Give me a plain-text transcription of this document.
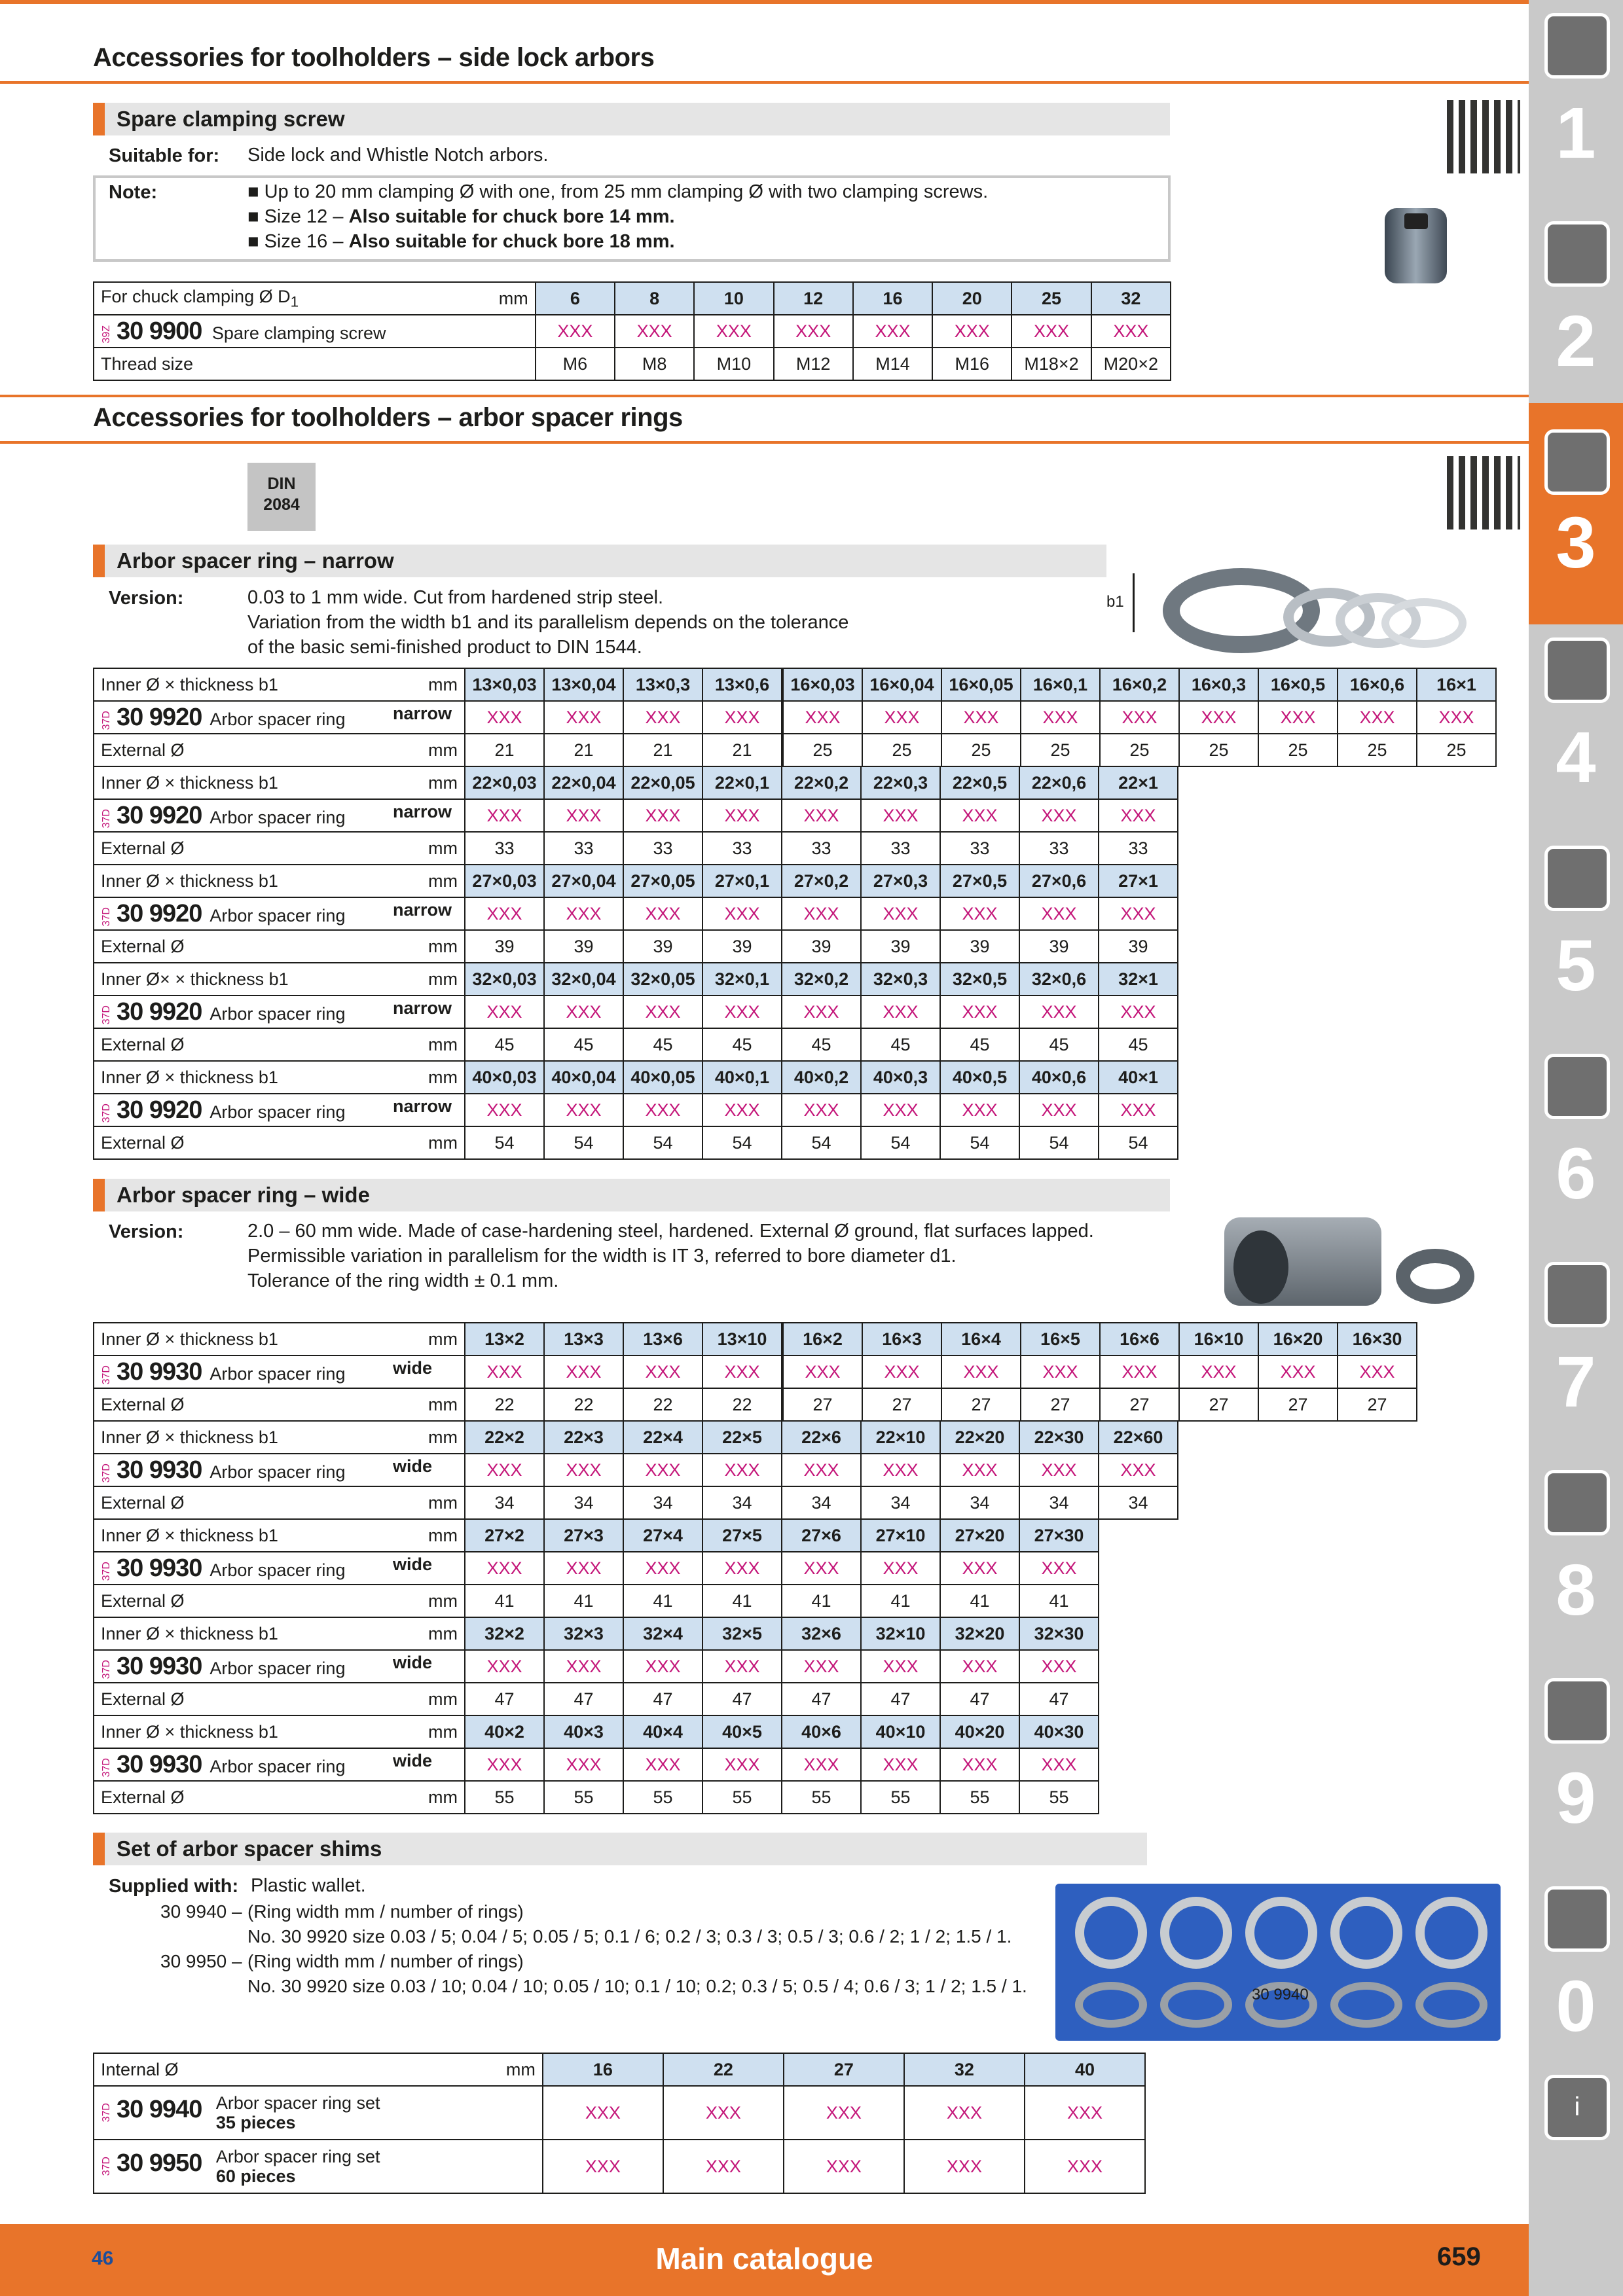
Accessories for toolholders – side lock arbors
Spare clamping screw
Suitable for: Side lock and Whistle Notch arbors.
Note:	■ Up to 20 mm clamping Ø with one, from 25 mm clamping Ø with two clamping screws.
■ Size 12 – Also suitable for chuck bore 14 mm.
■ Size 16 – Also suitable for chuck bore 18 mm.
For chuck clamping Ø $D_1$	mm	6	8	10	12	16	20	25	32
39Z 30 9900 Spare clamping screw		XXX	XXX	XXX	XXX	XXX	XXX	XXX	XXX
Thread size		M6	M8	M10	M12	M14	M16	M18×2	M20×2
Accessories for toolholders – arbor spacer rings
DIN 2084
Arbor spacer ring – narrow
Version:	0.03 to 1 mm wide. Cut from hardened strip steel.
Variation from the width b1 and its parallelism depends on the tolerance
of the basic semi-finished product to DIN 1544.
b1
Inner Ø × thickness b1	mm	13×0,03	13×0,04	13×0,3	13×0,6	16×0,03	16×0,04	16×0,05	16×0,1	16×0,2	16×0,3	16×0,5	16×0,6	16×1
37D 30 9920 Arbor spacer ring narrow		XXX	XXX	XXX	XXX	XXX	XXX	XXX	XXX	XXX	XXX	XXX	XXX	XXX
External Ø	mm	21	21	21	21	25	25	25	25	25	25	25	25	25
Inner Ø × thickness b1	mm	22×0,03	22×0,04	22×0,05	22×0,1	22×0,2	22×0,3	22×0,5	22×0,6	22×1
37D 30 9920 Arbor spacer ring narrow		XXX	XXX	XXX	XXX	XXX	XXX	XXX	XXX	XXX
External Ø	mm	33	33	33	33	33	33	33	33	33
Inner Ø × thickness b1	mm	27×0,03	27×0,04	27×0,05	27×0,1	27×0,2	27×0,3	27×0,5	27×0,6	27×1
37D 30 9920 Arbor spacer ring narrow		XXX	XXX	XXX	XXX	XXX	XXX	XXX	XXX	XXX
External Ø	mm	39	39	39	39	39	39	39	39	39
Inner Ø× × thickness b1	mm	32×0,03	32×0,04	32×0,05	32×0,1	32×0,2	32×0,3	32×0,5	32×0,6	32×1
37D 30 9920 Arbor spacer ring narrow		XXX	XXX	XXX	XXX	XXX	XXX	XXX	XXX	XXX
External Ø	mm	45	45	45	45	45	45	45	45	45
Inner Ø × thickness b1	mm	40×0,03	40×0,04	40×0,05	40×0,1	40×0,2	40×0,3	40×0,5	40×0,6	40×1
37D 30 9920 Arbor spacer ring narrow		XXX	XXX	XXX	XXX	XXX	XXX	XXX	XXX	XXX
External Ø	mm	54	54	54	54	54	54	54	54	54
Arbor spacer ring – wide
Version:	2.0 – 60 mm wide. Made of case-hardening steel, hardened. External Ø ground, flat surfaces lapped.
Permissible variation in parallelism for the width is IT 3, referred to bore diameter d1.
Tolerance of the ring width ± 0.1 mm.
Inner Ø × thickness b1	mm	13×2	13×3	13×6	13×10	16×2	16×3	16×4	16×5	16×6	16×10	16×20	16×30
37D 30 9930 Arbor spacer ring wide		XXX	XXX	XXX	XXX	XXX	XXX	XXX	XXX	XXX	XXX	XXX	XXX
External Ø	mm	22	22	22	22	27	27	27	27	27	27	27	27
Inner Ø × thickness b1	mm	22×2	22×3	22×4	22×5	22×6	22×10	22×20	22×30	22×60
37D 30 9930 Arbor spacer ring wide		XXX	XXX	XXX	XXX	XXX	XXX	XXX	XXX	XXX
External Ø	mm	34	34	34	34	34	34	34	34	34
Inner Ø × thickness b1	mm	27×2	27×3	27×4	27×5	27×6	27×10	27×20	27×30
37D 30 9930 Arbor spacer ring wide		XXX	XXX	XXX	XXX	XXX	XXX	XXX	XXX
External Ø	mm	41	41	41	41	41	41	41	41
Inner Ø × thickness b1	mm	32×2	32×3	32×4	32×5	32×6	32×10	32×20	32×30
37D 30 9930 Arbor spacer ring wide		XXX	XXX	XXX	XXX	XXX	XXX	XXX	XXX
External Ø	mm	47	47	47	47	47	47	47	47
Inner Ø × thickness b1	mm	40×2	40×3	40×4	40×5	40×6	40×10	40×20	40×30
37D 30 9930 Arbor spacer ring wide		XXX	XXX	XXX	XXX	XXX	XXX	XXX	XXX
External Ø	mm	55	55	55	55	55	55	55	55
Set of arbor spacer shims
Supplied with: Plastic wallet.
30 9940 – (Ring width mm / number of rings)
No. 30 9920 size 0.03 / 5; 0.04 / 5; 0.05 / 5; 0.1 / 6; 0.2 / 3; 0.3 / 3; 0.5 / 3; 0.6 / 2; 1 / 2; 1.5 / 1.
30 9950 – (Ring width mm / number of rings)
No. 30 9920 size 0.03 / 10; 0.04 / 10; 0.05 / 10; 0.1 / 10; 0.2; 0.3 / 5; 0.5 / 4; 0.6 / 3; 1 / 2; 1.5 / 1.	30 9940
Internal Ø	mm	16	22	27	32	40
37D 30 9940 Arbor spacer ring set
35 pieces		XXX	XXX	XXX	XXX	XXX
37D 30 9950 Arbor spacer ring set
60 pieces		XXX	XXX	XXX	XXX	XXX
46	Main catalogue	659
1
2
3
4
5
6
7
8
9
0
i
